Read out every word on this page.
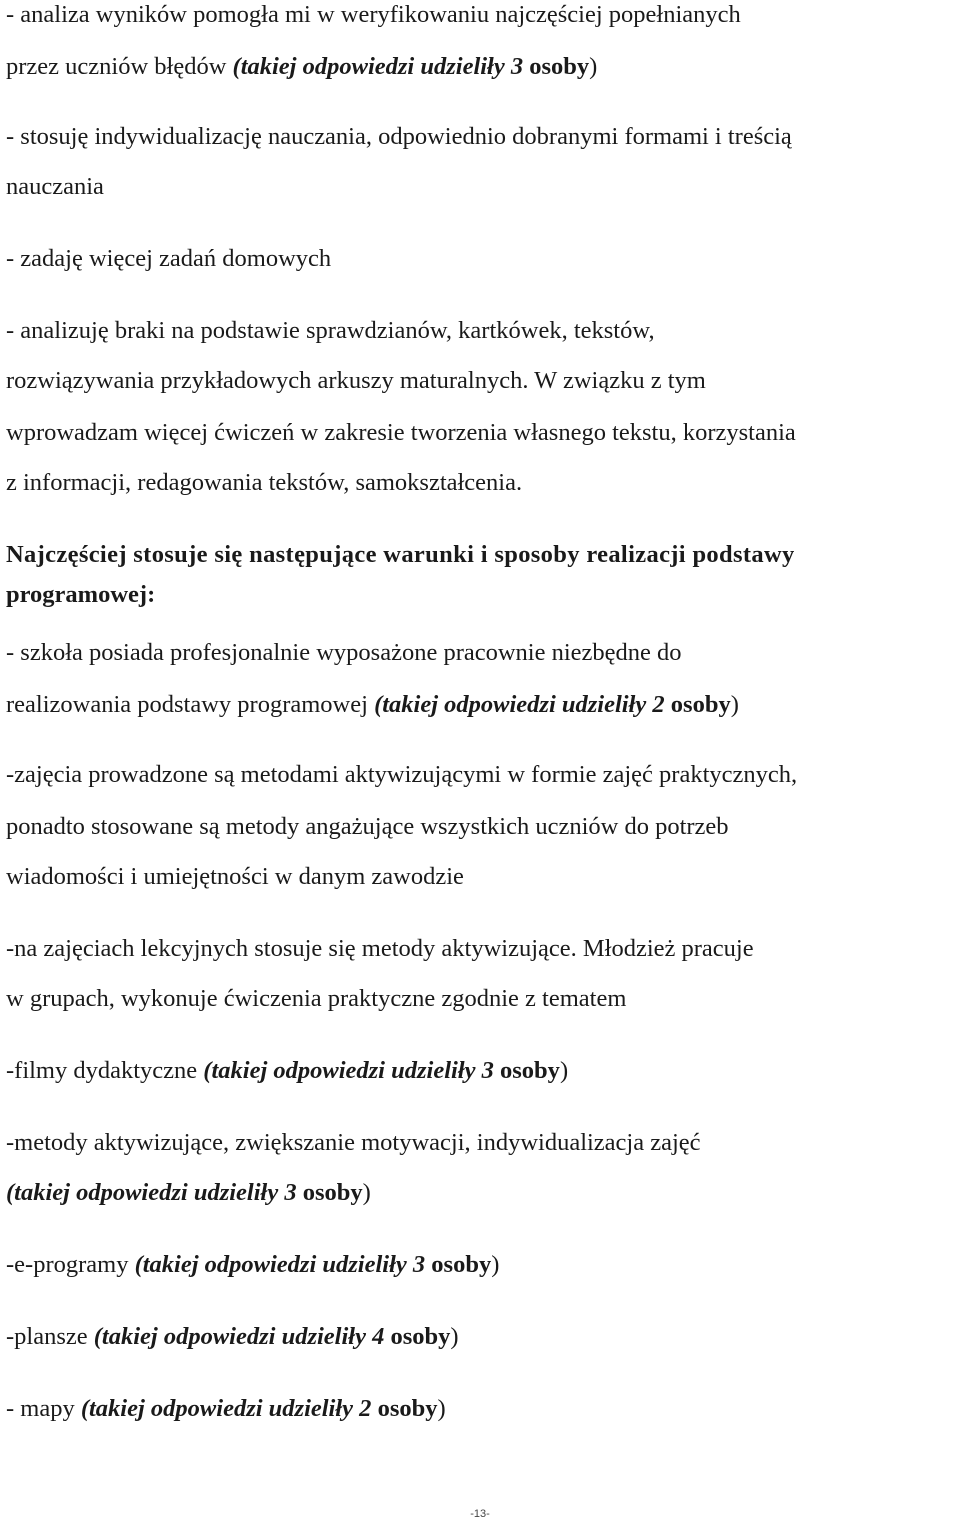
- analiza wyników pomogła mi w weryfikowaniu najczęściej popełnianych
przez uczniów błędów (takiej odpowiedzi udzieliły 3 osoby)
- stosuję indywidualizację nauczania, odpowiednio dobranymi formami i treścią
nauczania
- zadaję więcej zadań domowych
- analizuję braki na podstawie sprawdzianów, kartkówek, tekstów,
rozwiązywania przykładowych arkuszy maturalnych. W związku z tym
wprowadzam więcej ćwiczeń w zakresie tworzenia własnego tekstu, korzystania
z informacji, redagowania tekstów, samokształcenia.
Najczęściej stosuje się następujące warunki i sposoby realizacji podstawy
programowej:
- szkoła posiada profesjonalnie wyposażone pracownie niezbędne do
realizowania podstawy programowej (takiej odpowiedzi udzieliły 2 osoby)
-zajęcia prowadzone są metodami aktywizującymi w formie zajęć praktycznych,
ponadto stosowane są metody angażujące wszystkich uczniów do potrzeb
wiadomości i umiejętności w danym zawodzie
-na zajęciach lekcyjnych stosuje się metody aktywizujące. Młodzież pracuje
w grupach, wykonuje ćwiczenia praktyczne zgodnie z tematem
-filmy dydaktyczne (takiej odpowiedzi udzieliły 3 osoby)
-metody aktywizujące, zwiększanie motywacji, indywidualizacja zajęć
(takiej odpowiedzi udzieliły 3 osoby)
-e-programy (takiej odpowiedzi udzieliły 3 osoby)
-plansze (takiej odpowiedzi udzieliły 4 osoby)
- mapy (takiej odpowiedzi udzieliły 2 osoby)
-13-
